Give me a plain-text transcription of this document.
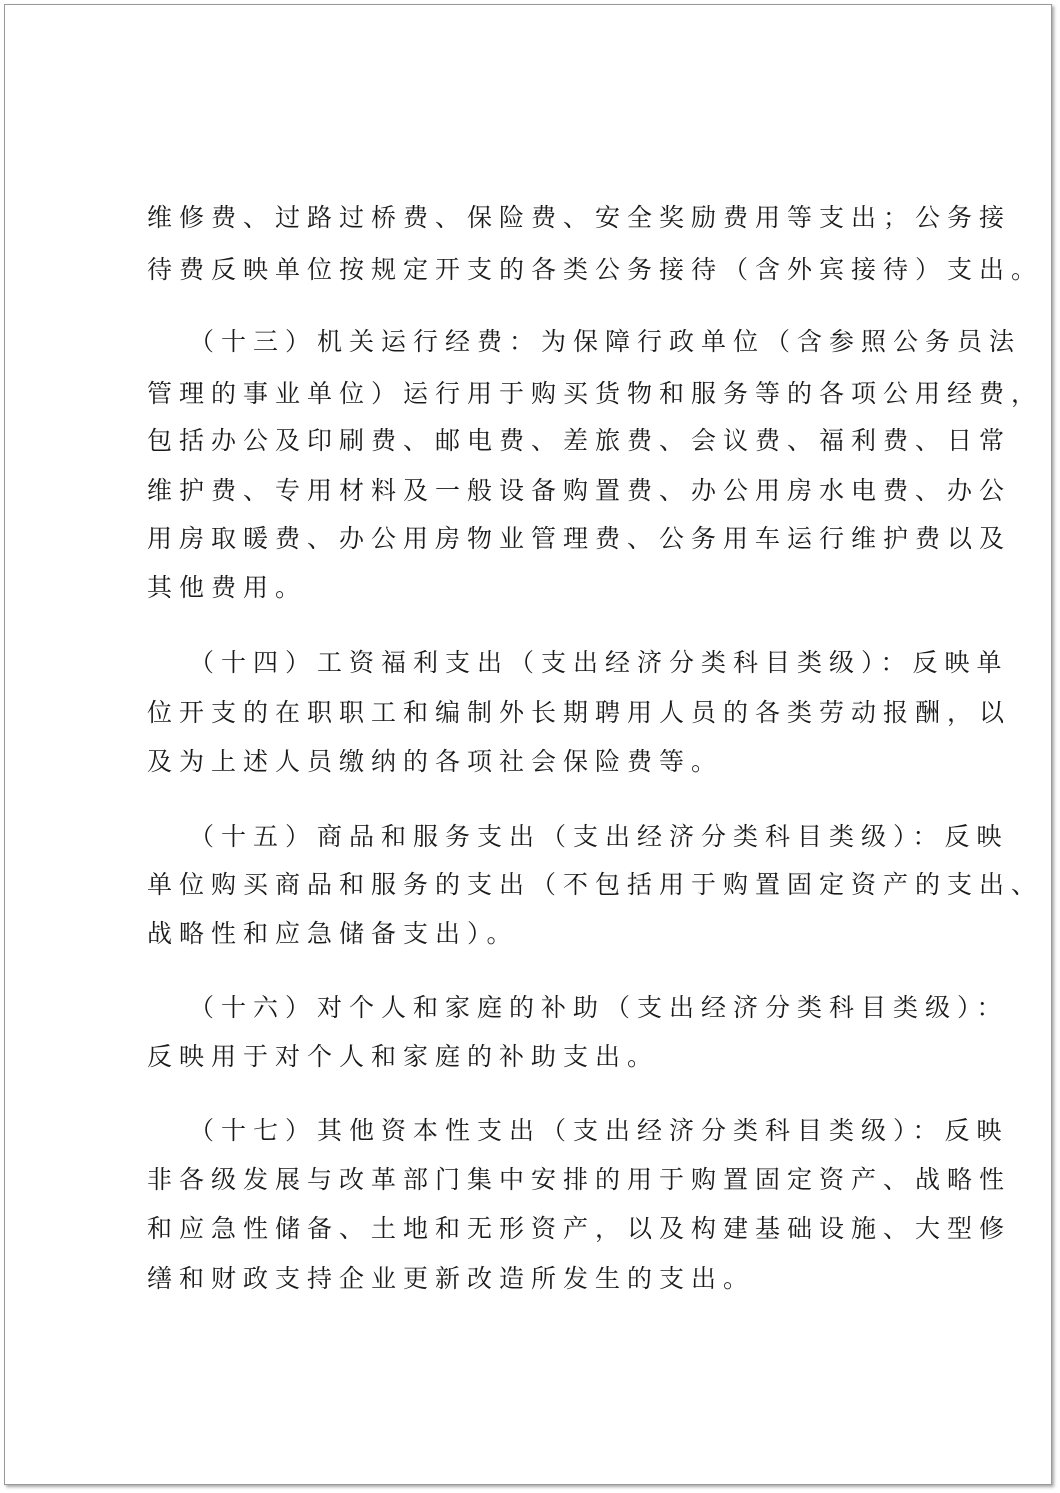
维修费、过路过桥费、保险费、安全奖励费用等支出；公务接

待费反映单位按规定开支的各类公务接待（含外宾接待）支出。

（十三）机关运行经费：为保障行政单位（含参照公务员法

管理的事业单位）运行用于购买货物和服务等的各项公用经费，

包括办公及印刷费、邮电费、差旅费、会议费、福利费、日常

维护费、专用材料及一般设备购置费、办公用房水电费、办公

用房取暖费、办公用房物业管理费、公务用车运行维护费以及

其他费用。

（十四）工资福利支出（支出经济分类科目类级）：反映单

位开支的在职职工和编制外长期聘用人员的各类劳动报酬，以

及为上述人员缴纳的各项社会保险费等。

（十五）商品和服务支出（支出经济分类科目类级）：反映

单位购买商品和服务的支出（不包括用于购置固定资产的支出、

战略性和应急储备支出）。

（十六）对个人和家庭的补助（支出经济分类科目类级）：

反映用于对个人和家庭的补助支出。

（十七）其他资本性支出（支出经济分类科目类级）：反映

非各级发展与改革部门集中安排的用于购置固定资产、战略性

和应急性储备、土地和无形资产，以及构建基础设施、大型修

缮和财政支持企业更新改造所发生的支出。
